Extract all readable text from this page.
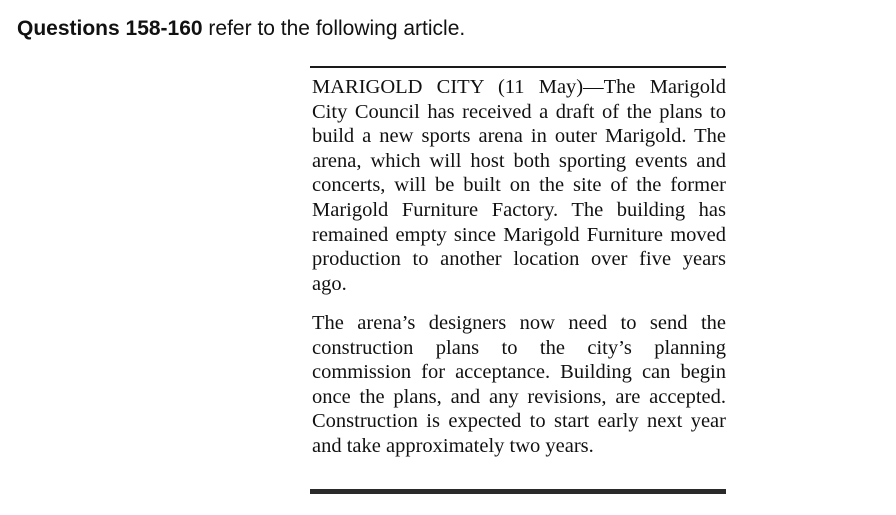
Questions 158-160 refer to the following article.

MARIGOLD CITY (11 May)—The Marigold City Council has received a draft of the plans to build a new sports arena in outer Marigold. The arena, which will host both sporting events and concerts, will be built on the site of the former Marigold Furniture Factory. The building has remained empty since Marigold Furniture moved production to another location over five years ago.

The arena’s designers now need to send the construction plans to the city’s planning commission for acceptance. Building can begin once the plans, and any revisions, are accepted. Construction is expected to start early next year and take approximately two years.
